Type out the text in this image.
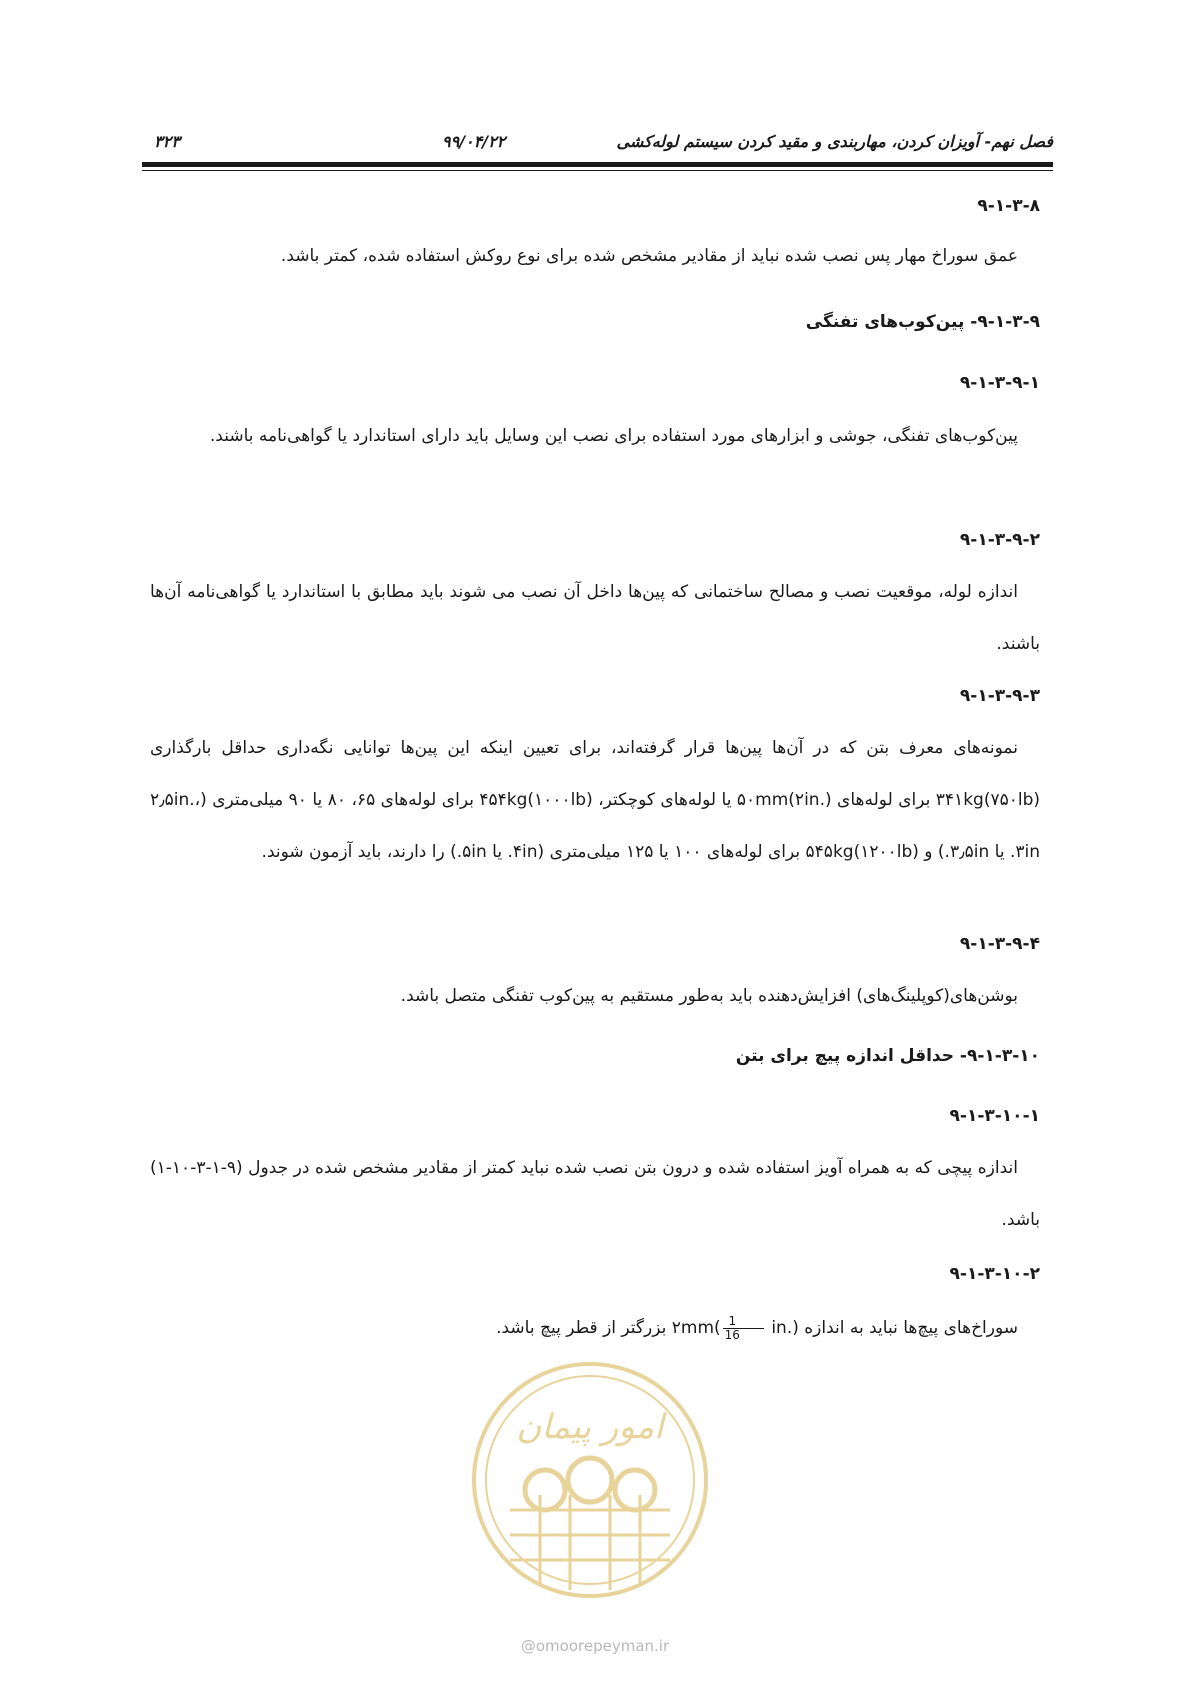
۳۲۳	۹۹/۰۴/۲۲	فصل نهم- آویزان کردن، مهاربندی و مقید کردن سیستم لوله‌کشی
۹-۱-۳-۸
عمق سوراخ مهار پس نصب شده نباید از مقادیر مشخص شده برای نوع روکش استفاده شده، کمتر باشد.
۹-۱-۳-۹- پین‌کوب‌های تفنگی
۹-۱-۳-۹-۱
پین‌کوب‌های تفنگی، جوشی و ابزارهای مورد استفاده برای نصب این وسایل باید دارای استاندارد یا گواهی‌نامه باشند.
۹-۱-۳-۹-۲
اندازه لوله، موقعیت نصب و مصالح ساختمانی که پین‌ها داخل آن نصب می شوند باید مطابق با استاندارد یا گواهی‌نامه آن‌ها باشند.
۹-۱-۳-۹-۳
نمونه‌های معرف بتن که در آن‌ها پین‌ها قرار گرفته‌اند، برای تعیین اینکه این پین‌ها توانایی نگه‌داری حداقل بارگذاری ۳۴۱kg(۷۵۰lb) برای لوله‌های ۵۰mm(۲in.) یا لوله‌های کوچکتر، ۴۵۴kg(۱۰۰۰lb) برای لوله‌های ۶۵، ۸۰ یا ۹۰ میلی‌متری (۲٫۵in.، ۳in. یا ۳٫۵in.) و ۵۴۵kg(۱۲۰۰lb) برای لوله‌های ۱۰۰ یا ۱۲۵ میلی‌متری (۴in. یا ۵in.) را دارند، باید آزمون شوند.
۹-۱-۳-۹-۴
بوشن‌های(کوپلینگ‌های) افزایش‌دهنده باید به‌طور مستقیم به پین‌کوب تفنگی متصل باشد.
۹-۱-۳-۱۰- حداقل اندازه پیچ برای بتن
۹-۱-۳-۱۰-۱
اندازه پیچی که به همراه آویز استفاده شده و درون بتن نصب شده نباید کمتر از مقادیر مشخص شده در جدول (۹-۱-۳-۱۰-۱) باشد.
۹-۱-۳-۱۰-۲
سوراخ‌های پیچ‌ها نباید به اندازه ۲mm(
$\frac{1}{16}$
in.) بزرگتر از قطر پیچ باشد.
امور پیمان
@omoorepeyman.ir
